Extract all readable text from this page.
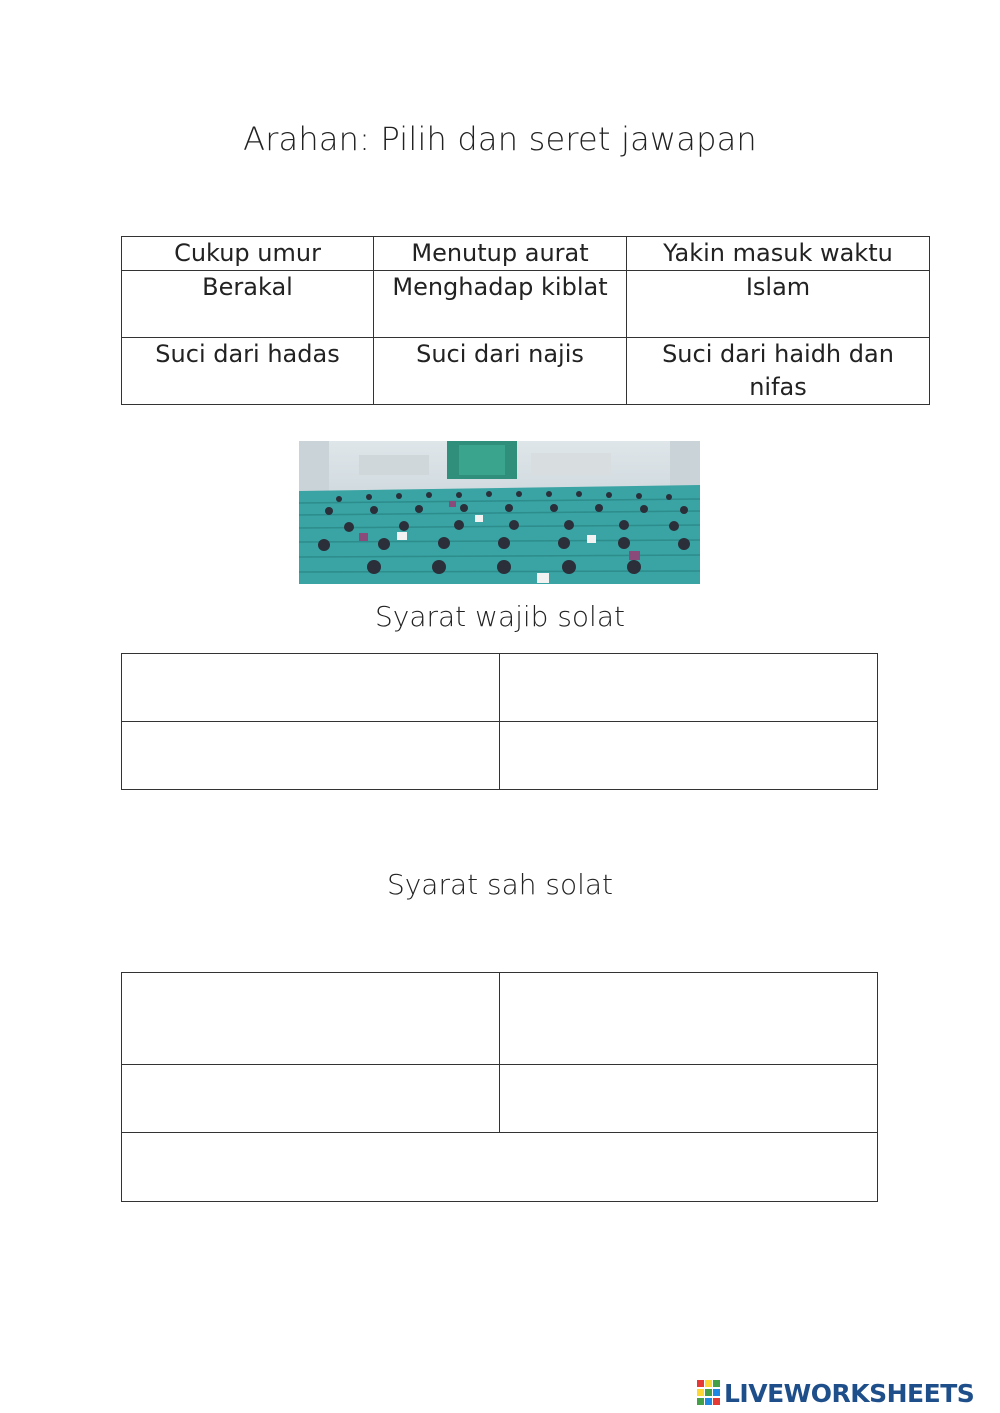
Arahan: Pilih dan seret jawapan
Cukup umur	Menutup aurat	Yakin masuk waktu
Berakal	Menghadap kiblat	Islam
Suci dari hadas	Suci dari najis	Suci dari haidh dan nifas
Syarat wajib solat

Syarat sah solat

LIVEWORKSHEETS
